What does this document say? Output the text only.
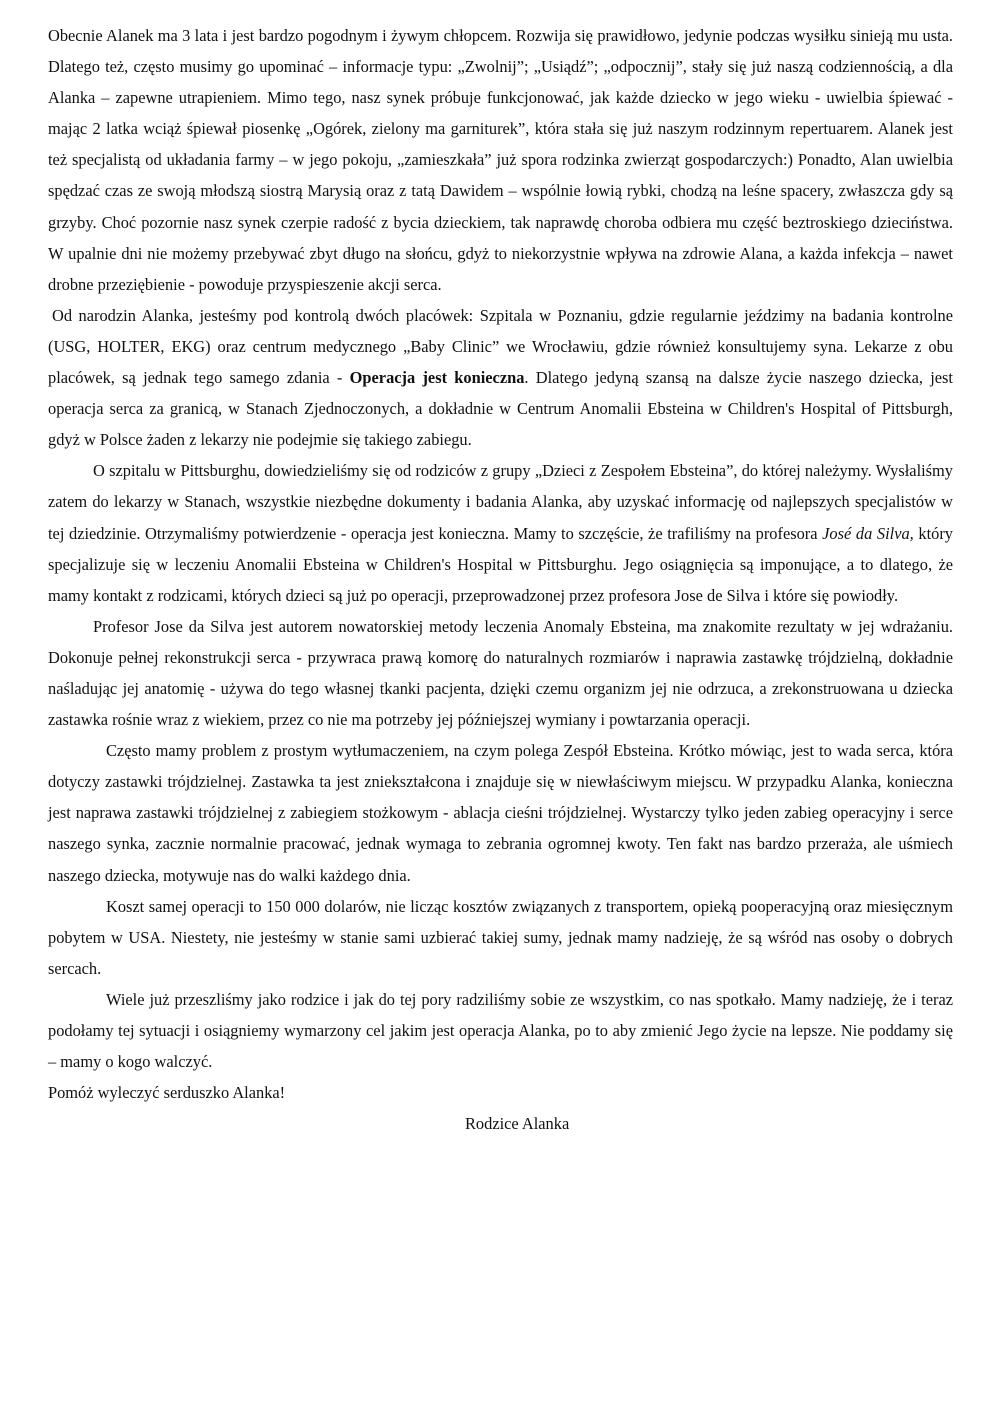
Obecnie Alanek ma 3 lata i jest bardzo pogodnym i żywym chłopcem. Rozwija się prawidłowo, jedynie podczas wysiłku sinieją mu usta. Dlatego też, często musimy go upominać – informacje typu: „Zwolnij”; „Usiądź”; „odpocznij”, stały się już naszą codziennością, a dla Alanka – zapewne utrapieniem. Mimo tego, nasz synek próbuje funkcjonować, jak każde dziecko w jego wieku - uwielbia śpiewać - mając 2 latka wciąż śpiewał piosenkę „Ogórek, zielony ma garniturek”, która stała się już naszym rodzinnym repertuarem. Alanek jest też specjalistą od układania farmy – w jego pokoju, „zamieszkała” już spora rodzinka zwierząt gospodarczych:) Ponadto, Alan uwielbia spędzać czas ze swoją młodszą siostrą Marysią oraz z tatą Dawidem – wspólnie łowią rybki, chodzą na leśne spacery, zwłaszcza gdy są grzyby. Choć pozornie nasz synek czerpie radość z bycia dzieckiem, tak naprawdę choroba odbiera mu część beztroskiego dzieciństwa. W upalnie dni nie możemy przebywać zbyt długo na słońcu, gdyż to niekorzystnie wpływa na zdrowie Alana, a każda infekcja – nawet drobne przeziębienie - powoduje przyspieszenie akcji serca.

Od narodzin Alanka, jesteśmy pod kontrolą dwóch placówek: Szpitala w Poznaniu, gdzie regularnie jeździmy na badania kontrolne (USG, HOLTER, EKG) oraz centrum medycznego „Baby Clinic” we Wrocławiu, gdzie również konsultujemy syna. Lekarze z obu placówek, są jednak tego samego zdania - Operacja jest konieczna. Dlatego jedyną szansą na dalsze życie naszego dziecka, jest operacja serca za granicą, w Stanach Zjednoczonych, a dokładnie w Centrum Anomalii Ebsteina w Children's Hospital of Pittsburgh, gdyż w Polsce żaden z lekarzy nie podejmie się takiego zabiegu.

O szpitalu w Pittsburghu, dowiedzieliśmy się od rodziców z grupy „Dzieci z Zespołem Ebsteina”, do której należymy. Wysłaliśmy zatem do lekarzy w Stanach, wszystkie niezbędne dokumenty i badania Alanka, aby uzyskać informację od najlepszych specjalistów w tej dziedzinie. Otrzymaliśmy potwierdzenie - operacja jest konieczna. Mamy to szczęście, że trafiliśmy na profesora José da Silva, który specjalizuje się w leczeniu Anomalii Ebsteina w Children's Hospital w Pittsburghu. Jego osiągnięcia są imponujące, a to dlatego, że mamy kontakt z rodzicami, których dzieci są już po operacji, przeprowadzonej przez profesora Jose de Silva i które się powiodły.

Profesor Jose da Silva jest autorem nowatorskiej metody leczenia Anomaly Ebsteina, ma znakomite rezultaty w jej wdrażaniu. Dokonuje pełnej rekonstrukcji serca - przywraca prawą komorę do naturalnych rozmiarów i naprawia zastawkę trójdzielną, dokładnie naśladując jej anatomię - używa do tego własnej tkanki pacjenta, dzięki czemu organizm jej nie odrzuca, a zrekonstruowana u dziecka zastawka rośnie wraz z wiekiem, przez co nie ma potrzeby jej późniejszej wymiany i powtarzania operacji.

Często mamy problem z prostym wytłumaczeniem, na czym polega Zespół Ebsteina. Krótko mówiąc, jest to wada serca, która dotyczy zastawki trójdzielnej. Zastawka ta jest zniekształcona i znajduje się w niewłaściwym miejscu. W przypadku Alanka, konieczna jest naprawa zastawki trójdzielnej z zabiegiem stożkowym - ablacja cieśni trójdzielnej. Wystarczy tylko jeden zabieg operacyjny i serce naszego synka, zacznie normalnie pracować, jednak wymaga to zebrania ogromnej kwoty. Ten fakt nas bardzo przeraża, ale uśmiech naszego dziecka, motywuje nas do walki każdego dnia.

Koszt samej operacji to 150 000 dolarów, nie licząc kosztów związanych z transportem, opieką pooperacyjną oraz miesięcznym pobytem w USA. Niestety, nie jesteśmy w stanie sami uzbierać takiej sumy, jednak mamy nadzieję, że są wśród nas osoby o dobrych sercach.

Wiele już przeszliśmy jako rodzice i jak do tej pory radziliśmy sobie ze wszystkim, co nas spotkało. Mamy nadzieję, że i teraz podołamy tej sytuacji i osiągniemy wymarzony cel jakim jest operacja Alanka, po to aby zmienić Jego życie na lepsze. Nie poddamy się – mamy o kogo walczyć.

Pomóż wyleczyć serduszko Alanka!

Rodzice Alanka
